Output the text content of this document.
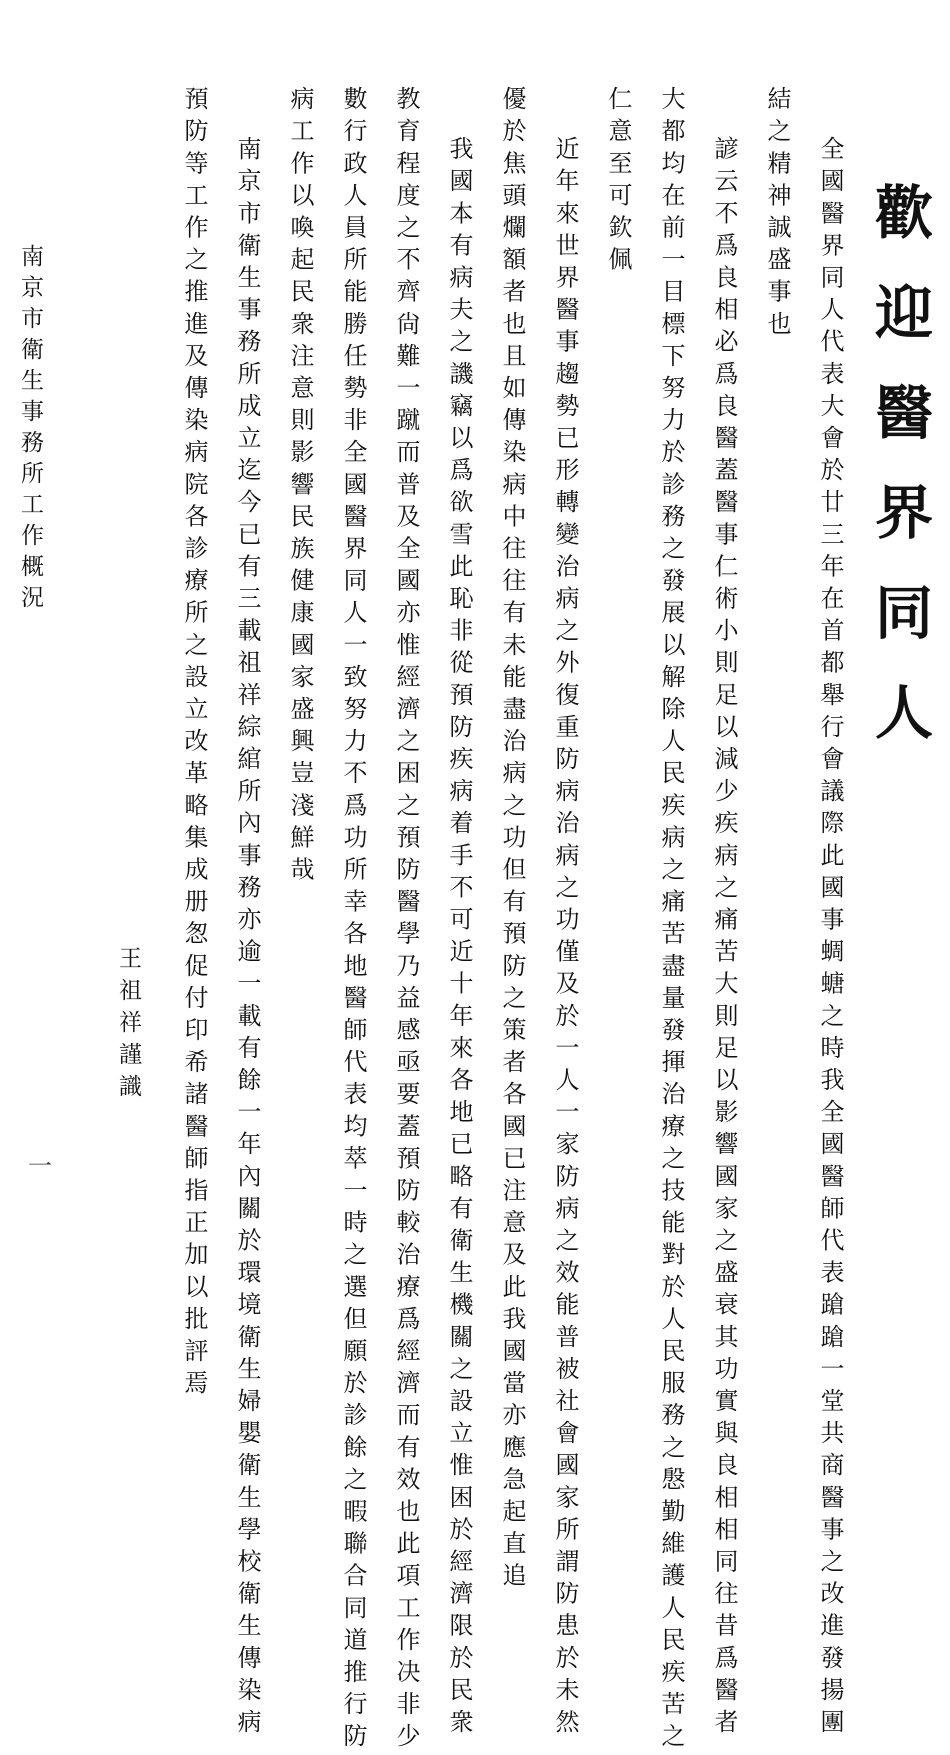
歡迎醫界同人
全國醫界同人代表大會於廿三年在首都舉行會議際此國事蜩螗之時我全國醫師代表蹌蹌一堂共商醫事之改進發揚團
結之精神誠盛事也
諺云不爲良相必爲良醫蓋醫事仁術小則足以減少疾病之痛苦大則足以影響國家之盛衰其功實與良相相同往昔爲醫者
大都均在前一目標下努力於診務之發展以解除人民疾病之痛苦盡量發揮治療之技能對於人民服務之慇勤維護人民疾苦之
仁意至可欽佩
近年來世界醫事趨勢已形轉變治病之外復重防病治病之功僅及於一人一家防病之效能普被社會國家所謂防患於未然
優於焦頭爛額者也且如傳染病中往往有未能盡治病之功但有預防之策者各國已注意及此我國當亦應急起直追
我國本有病夫之譏竊以爲欲雪此恥非從預防疾病着手不可近十年來各地已略有衛生機關之設立惟困於經濟限於民衆
教育程度之不齊尙難一蹴而普及全國亦惟經濟之困之預防醫學乃益感亟要蓋預防較治療爲經濟而有效也此項工作决非少
數行政人員所能勝任勢非全國醫界同人一致努力不爲功所幸各地醫師代表均萃一時之選但願於診餘之暇聯合同道推行防
病工作以喚起民衆注意則影響民族健康國家盛興豈淺鮮哉
南京市衛生事務所成立迄今已有三載祖祥綜綰所內事務亦逾一載有餘一年內關於環境衛生婦嬰衛生學校衛生傳染病
預防等工作之推進及傳染病院各診療所之設立改革略集成册怱促付印希諸醫師指正加以批評焉
王祖祥謹識
南京市衛生事務所工作概況
一
